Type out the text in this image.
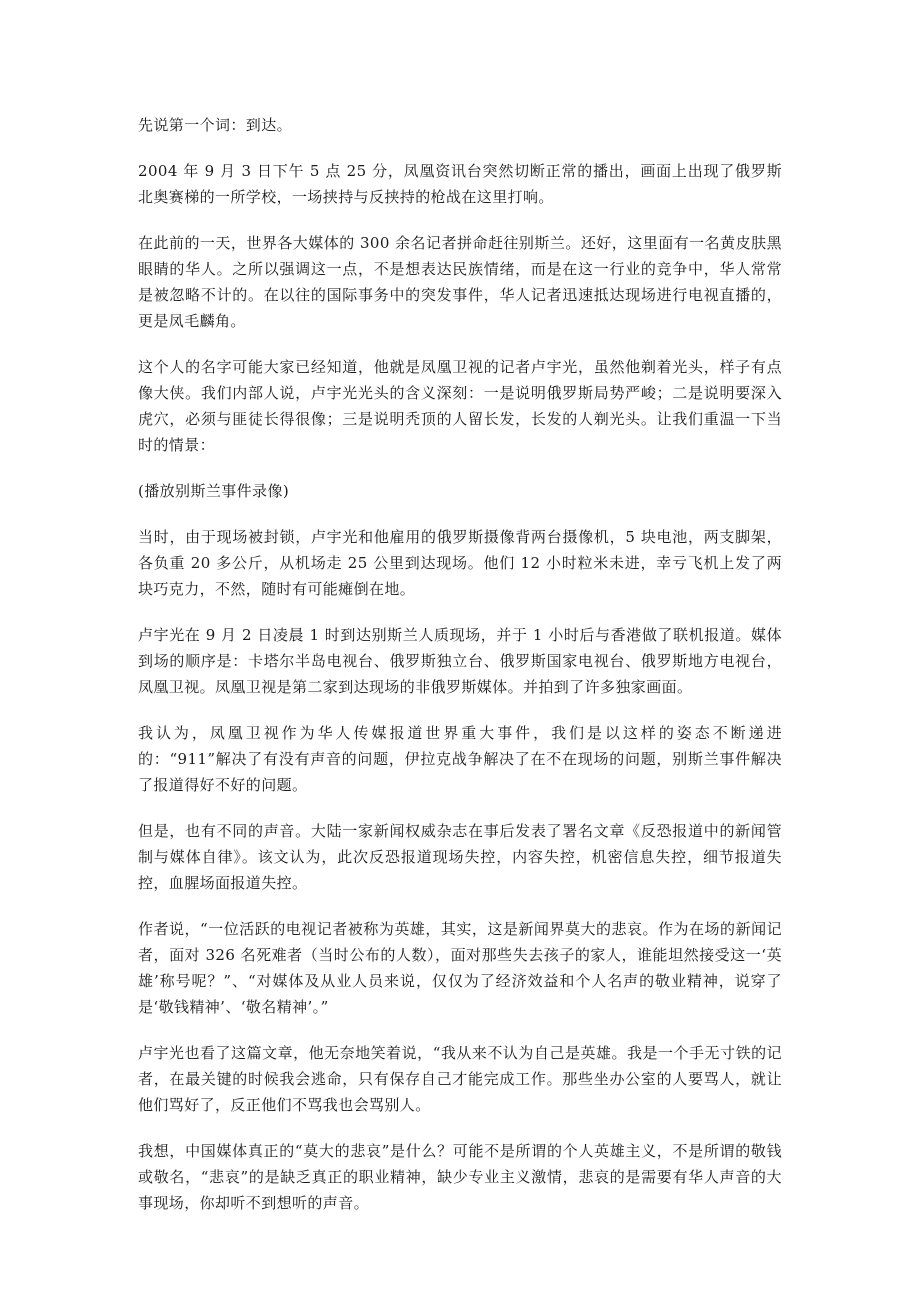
先说第一个词：到达。

2004 年 9 月 3 日下午 5 点 25 分，凤凰资讯台突然切断正常的播出，画面上出现了俄罗斯北奥赛梯的一所学校，一场挟持与反挟持的枪战在这里打响。

在此前的一天，世界各大媒体的 300 余名记者拼命赶往别斯兰。还好，这里面有一名黄皮肤黑眼睛的华人。之所以强调这一点，不是想表达民族情绪，而是在这一行业的竞争中，华人常常是被忽略不计的。在以往的国际事务中的突发事件，华人记者迅速抵达现场进行电视直播的，更是凤毛麟角。

这个人的名字可能大家已经知道，他就是凤凰卫视的记者卢宇光，虽然他剃着光头，样子有点像大侠。我们内部人说，卢宇光光头的含义深刻：一是说明俄罗斯局势严峻；二是说明要深入虎穴，必须与匪徒长得很像；三是说明秃顶的人留长发，长发的人剃光头。让我们重温一下当时的情景：

(播放别斯兰事件录像)

当时，由于现场被封锁，卢宇光和他雇用的俄罗斯摄像背两台摄像机，5 块电池，两支脚架，各负重 20 多公斤，从机场走 25 公里到达现场。他们 12 小时粒米未进，幸亏飞机上发了两块巧克力，不然，随时有可能瘫倒在地。

卢宇光在 9 月 2 日凌晨 1 时到达别斯兰人质现场，并于 1 小时后与香港做了联机报道。媒体到场的顺序是：卡塔尔半岛电视台、俄罗斯独立台、俄罗斯国家电视台、俄罗斯地方电视台，凤凰卫视。凤凰卫视是第二家到达现场的非俄罗斯媒体。并拍到了许多独家画面。

我认为，凤凰卫视作为华人传媒报道世界重大事件，我们是以这样的姿态不断递进的：“911”解决了有没有声音的问题，伊拉克战争解决了在不在现场的问题，别斯兰事件解决了报道得好不好的问题。

但是，也有不同的声音。大陆一家新闻权威杂志在事后发表了署名文章《反恐报道中的新闻管制与媒体自律》。该文认为，此次反恐报道现场失控，内容失控，机密信息失控，细节报道失控，血腥场面报道失控。

作者说，“一位活跃的电视记者被称为英雄，其实，这是新闻界莫大的悲哀。作为在场的新闻记者，面对 326 名死难者（当时公布的人数），面对那些失去孩子的家人，谁能坦然接受这一‘英雄’称号呢？”、“对媒体及从业人员来说，仅仅为了经济效益和个人名声的敬业精神，说穿了是‘敬钱精神’、‘敬名精神’。”

卢宇光也看了这篇文章，他无奈地笑着说，“我从来不认为自己是英雄。我是一个手无寸铁的记者，在最关键的时候我会逃命，只有保存自己才能完成工作。那些坐办公室的人要骂人，就让他们骂好了，反正他们不骂我也会骂别人。

我想，中国媒体真正的“莫大的悲哀”是什么？可能不是所谓的个人英雄主义，不是所谓的敬钱或敬名，“悲哀”的是缺乏真正的职业精神，缺少专业主义激情，悲哀的是需要有华人声音的大事现场，你却听不到想听的声音。
